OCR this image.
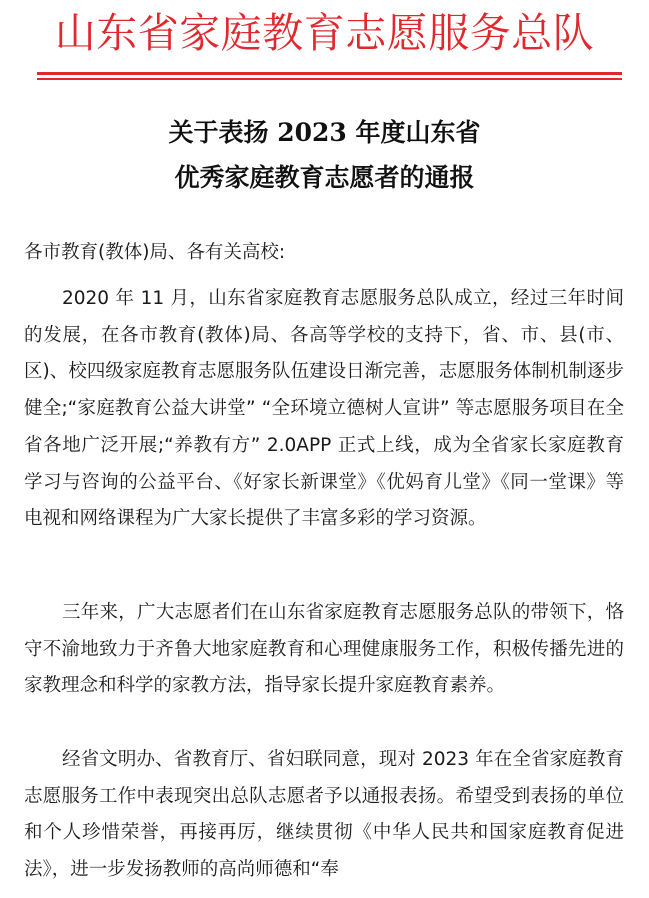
山东省家庭教育志愿服务总队
关于表扬 2023 年度山东省
优秀家庭教育志愿者的通报
各市教育(教体)局、各有关高校:

2020 年 11 月，山东省家庭教育志愿服务总队成立，经过三年时间的发展，在各市教育(教体)局、各高等学校的支持下，省、市、县(市、区)、校四级家庭教育志愿服务队伍建设日渐完善，志愿服务体制机制逐步健全;“家庭教育公益大讲堂” “全环境立德树人宣讲” 等志愿服务项目在全省各地广泛开展;“养教有方” 2.0APP 正式上线，成为全省家长家庭教育学习与咨询的公益平台、《好家长新课堂》《优妈育儿堂》《同一堂课》等电视和网络课程为广大家长提供了丰富多彩的学习资源。

三年来，广大志愿者们在山东省家庭教育志愿服务总队的带领下，恪守不渝地致力于齐鲁大地家庭教育和心理健康服务工作，积极传播先进的家教理念和科学的家教方法，指导家长提升家庭教育素养。

经省文明办、省教育厅、省妇联同意，现对 2023 年在全省家庭教育志愿服务工作中表现突出总队志愿者予以通报表扬。希望受到表扬的单位和个人珍惜荣誉，再接再厉，继续贯彻《中华人民共和国家庭教育促进法》，进一步发扬教师的高尚师德和“奉
